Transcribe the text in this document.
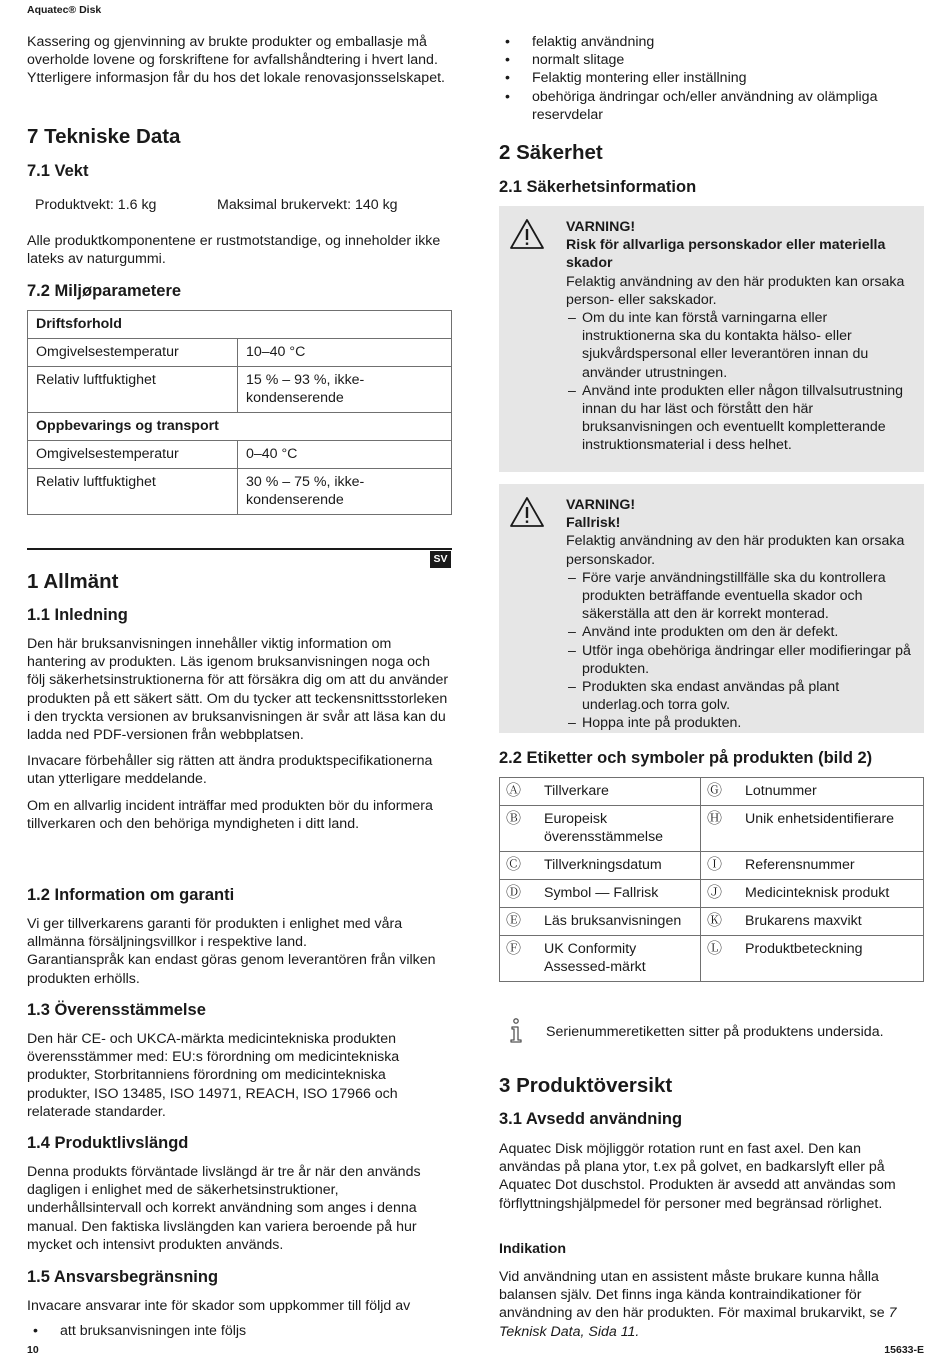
Aquatec® Disk

Kassering og gjenvinning av brukte produkter og emballasje må overholde lovene og forskriftene for avfallshåndtering i hvert land. Ytterligere informasjon får du hos det lokale renovasjonsselskapet.

7 Tekniske Data
7.1 Vekt
Produktvekt: 1.6 kg	Maksimal brukervekt: 140 kg

Alle produktkomponentene er rustmotstandige, og inneholder ikke lateks av naturgummi.

7.2 Miljøparametere
Driftsforhold	
Omgivelsestemperatur	10–40 °C
Relativ luftfuktighet	15 % – 93 %, ikke-kondenserende
Oppbevarings og transport	
Omgivelsestemperatur	0–40 °C
Relativ luftfuktighet	30 % – 75 %, ikke-kondenserende
SV
1 Allmänt
1.1 Inledning

Den här bruksanvisningen innehåller viktig information om hantering av produkten. Läs igenom bruksanvisningen noga och följ säkerhetsinstruktionerna för att försäkra dig om att du använder produkten på ett säkert sätt. Om du tycker att teckensnittsstorleken i den tryckta versionen av bruksanvisningen är svår att läsa kan du ladda ned PDF-versionen från webbplatsen.

Invacare förbehåller sig rätten att ändra produktspecifikationerna utan ytterligare meddelande.

Om en allvarlig incident inträffar med produkten bör du informera tillverkaren och den behöriga myndigheten i ditt land.

1.2 Information om garanti

Vi ger tillverkarens garanti för produkten i enlighet med våra allmänna försäljningsvillkor i respektive land.

Garantianspråk kan endast göras genom leverantören från vilken produkten erhölls.

1.3 Överensstämmelse

Den här CE- och UKCA-märkta medicintekniska produkten överensstämmer med: EU:s förordning om medicintekniska produkter, Storbritanniens förordning om medicintekniska produkter, ISO 13485, ISO 14971, REACH, ISO 17966 och relaterade standarder.

1.4 Produktlivslängd

Denna produkts förväntade livslängd är tre år när den används dagligen i enlighet med de säkerhetsinstruktioner, underhållsintervall och korrekt användning som anges i denna manual. Den faktiska livslängden kan variera beroende på hur mycket och intensivt produkten används.

1.5 Ansvarsbegränsning

Invacare ansvarar inte för skador som uppkommer till följd av

• att bruksanvisningen inte följs
• felaktig användning
• normalt slitage
• Felaktig montering eller inställning
• obehöriga ändringar och/eller användning av olämpliga reservdelar
2 Säkerhet
2.1 Säkerhetsinformation

VARNING!

Risk för allvarliga personskador eller materiella skador

Felaktig användning av den här produkten kan orsaka person- eller sakskador.

– Om du inte kan förstå varningarna eller instruktionerna ska du kontakta hälso- eller sjukvårdspersonal eller leverantören innan du använder utrustningen.
– Använd inte produkten eller någon tillvalsutrustning innan du har läst och förstått den här bruksanvisningen och eventuellt kompletterande instruktionsmaterial i dess helhet.

VARNING!

Fallrisk!

Felaktig användning av den här produkten kan orsaka personskador.

– Före varje användningstillfälle ska du kontrollera produkten beträffande eventuella skador och säkerställa att den är korrekt monterad.
– Använd inte produkten om den är defekt.
– Utför inga obehöriga ändringar eller modifieringar på produkten.
– Produkten ska endast användas på plant underlag.och torra golv.
– Hoppa inte på produkten.
2.2 Etiketter och symboler på produkten (bild 2)
Ⓐ	Tillverkare	Ⓖ	Lotnummer
Ⓑ	Europeisk överensstämmelse	Ⓗ	Unik enhetsidentifierare
Ⓒ	Tillverkningsdatum	Ⓘ	Referensnummer
Ⓓ	Symbol — Fallrisk	Ⓙ	Medicinteknisk produkt
Ⓔ	Läs bruksanvisningen	Ⓚ	Brukarens maxvikt
Ⓕ	UK Conformity Assessed-märkt	Ⓛ	Produktbeteckning
Serienummeretiketten sitter på produktens undersida.
3 Produktöversikt
3.1 Avsedd användning

Aquatec Disk möjliggör rotation runt en fast axel. Den kan användas på plana ytor, t.ex på golvet, en badkarslyft eller på Aquatec Dot duschstol. Produkten är avsedd att användas som förflyttningshjälpmedel för personer med begränsad rörlighet.

Indikation

Vid användning utan en assistent måste brukare kunna hålla balansen själv. Det finns inga kända kontraindikationer för användning av den här produkten. För maximal brukarvikt, se 7 Teknisk Data, Sida 11.

10	15633-E
